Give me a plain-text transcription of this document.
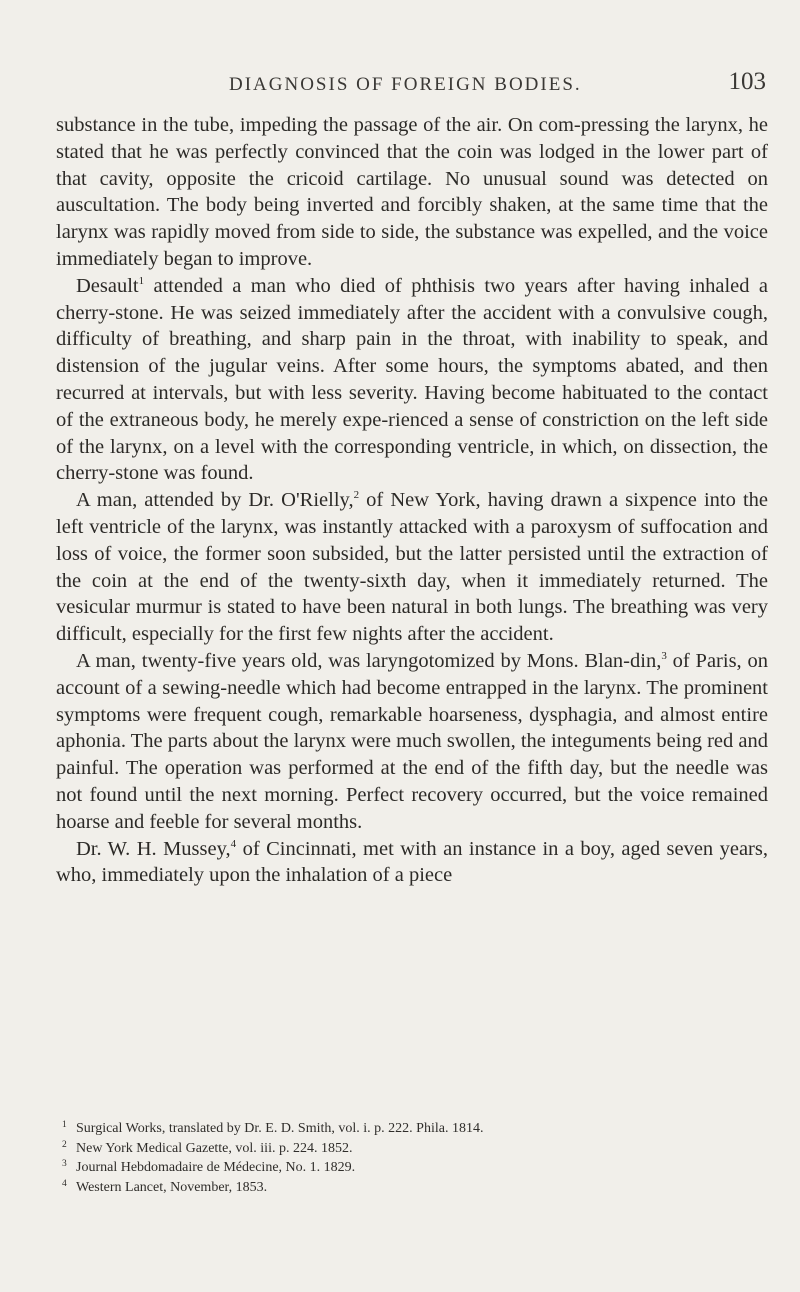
DIAGNOSIS OF FOREIGN BODIES.	103

substance in the tube, impeding the passage of the air. On com-pressing the larynx, he stated that he was perfectly convinced that the coin was lodged in the lower part of that cavity, opposite the cricoid cartilage. No unusual sound was detected on auscultation. The body being inverted and forcibly shaken, at the same time that the larynx was rapidly moved from side to side, the substance was expelled, and the voice immediately began to improve.

Desault$^1$ attended a man who died of phthisis two years after having inhaled a cherry-stone. He was seized immediately after the accident with a convulsive cough, difficulty of breathing, and sharp pain in the throat, with inability to speak, and distension of the jugular veins. After some hours, the symptoms abated, and then recurred at intervals, but with less severity. Having become habituated to the contact of the extraneous body, he merely expe-rienced a sense of constriction on the left side of the larynx, on a level with the corresponding ventricle, in which, on dissection, the cherry-stone was found.

A man, attended by Dr. O'Rielly,$^2$ of New York, having drawn a sixpence into the left ventricle of the larynx, was instantly attacked with a paroxysm of suffocation and loss of voice, the former soon subsided, but the latter persisted until the extraction of the coin at the end of the twenty-sixth day, when it immediately returned. The vesicular murmur is stated to have been natural in both lungs. The breathing was very difficult, especially for the first few nights after the accident.

A man, twenty-five years old, was laryngotomized by Mons. Blan-din,$^3$ of Paris, on account of a sewing-needle which had become entrapped in the larynx. The prominent symptoms were frequent cough, remarkable hoarseness, dysphagia, and almost entire aphonia. The parts about the larynx were much swollen, the integuments being red and painful. The operation was performed at the end of the fifth day, but the needle was not found until the next morning. Perfect recovery occurred, but the voice remained hoarse and feeble for several months.

Dr. W. H. Mussey,$^4$ of Cincinnati, met with an instance in a boy, aged seven years, who, immediately upon the inhalation of a piece

1 Surgical Works, translated by Dr. E. D. Smith, vol. i. p. 222. Phila. 1814.
2 New York Medical Gazette, vol. iii. p. 224. 1852.
3 Journal Hebdomadaire de Médecine, No. 1. 1829.
4 Western Lancet, November, 1853.
